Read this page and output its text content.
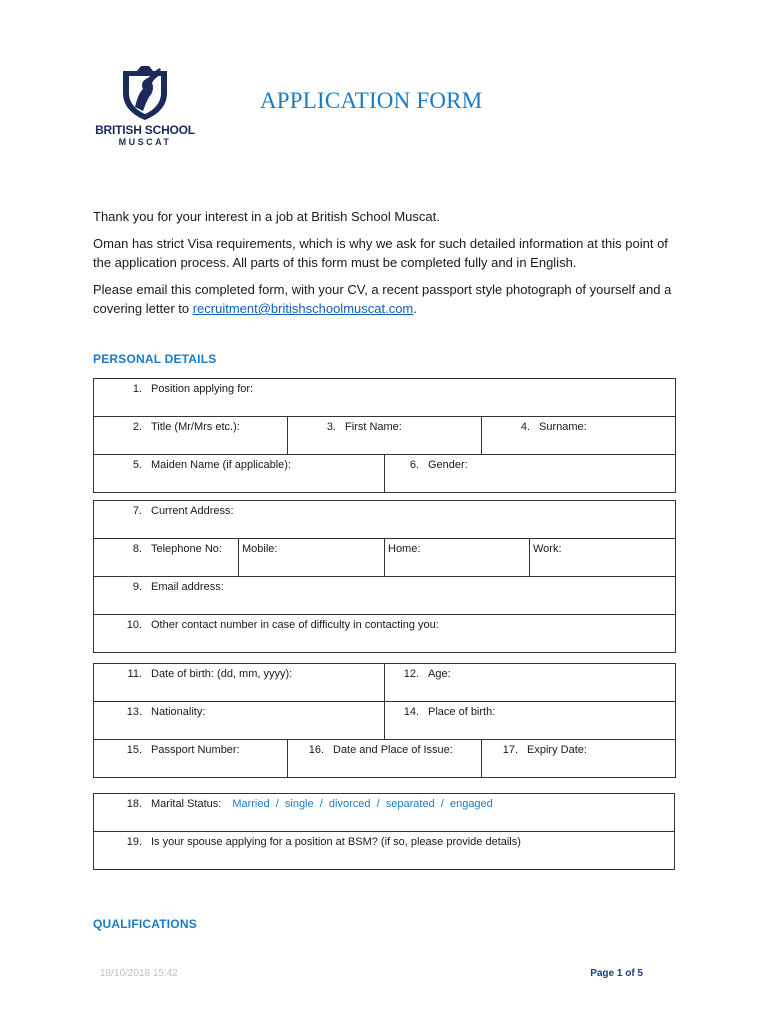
BRITISH SCHOOL
MUSCAT
APPLICATION FORM
Thank you for your interest in a job at British School Muscat.
Oman has strict Visa requirements, which is why we ask for such detailed information at this point of the application process. All parts of this form must be completed fully and in English.
Please email this completed form, with your CV, a recent passport style photograph of yourself and a covering letter to recruitment@britishschoolmuscat.com.
PERSONAL DETAILS
1. Position applying for:			
2. Title (Mr/Mrs etc.):	3. First Name:		4. Surname:
5. Maiden Name (if applicable):		6. Gender:	
7. Current Address:
8. Telephone No:	Mobile:	Home:	Work:
9. Email address:
10. Other contact number in case of difficulty in contacting you:
11. Date of birth: (dd, mm, yyyy):		12. Age:	
13. Nationality:		14. Place of birth:	
15. Passport Number:	16. Date and Place of Issue:		17. Expiry Date:
18. Marital Status: Married  /  single  /  divorced  /  separated  /  engaged
19. Is your spouse applying for a position at BSM? (if so, please provide details)
QUALIFICATIONS
18/10/2018 15:42	Page 1 of 5
